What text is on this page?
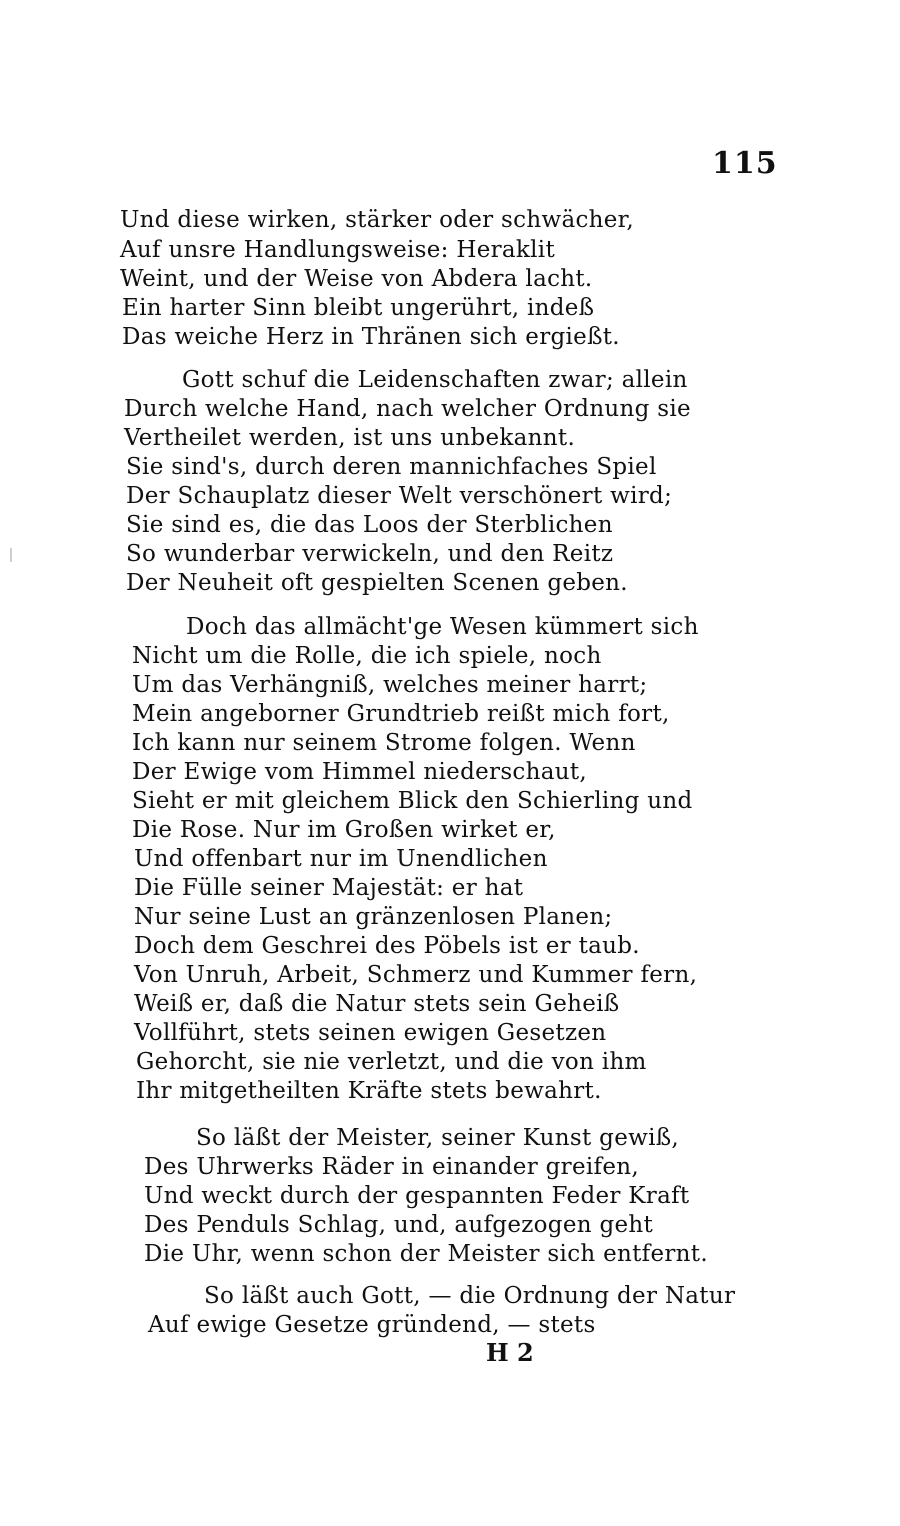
115
Und diese wirken, stärker oder schwächer,
Auf unsre Handlungsweise: Heraklit
Weint, und der Weise von Abdera lacht.
Ein harter Sinn bleibt ungerührt, indeß
Das weiche Herz in Thränen sich ergießt.
Gott schuf die Leidenschaften zwar; allein
Durch welche Hand, nach welcher Ordnung sie
Vertheilet werden, ist uns unbekannt.
Sie sind's, durch deren mannichfaches Spiel
Der Schauplatz dieser Welt verschönert wird;
Sie sind es, die das Loos der Sterblichen
So wunderbar verwickeln, und den Reitz
Der Neuheit oft gespielten Scenen geben.
Doch das allmächt'ge Wesen kümmert sich
Nicht um die Rolle, die ich spiele, noch
Um das Verhängniß, welches meiner harrt;
Mein angeborner Grundtrieb reißt mich fort,
Ich kann nur seinem Strome folgen. Wenn
Der Ewige vom Himmel niederschaut,
Sieht er mit gleichem Blick den Schierling und
Die Rose. Nur im Großen wirket er,
Und offenbart nur im Unendlichen
Die Fülle seiner Majestät: er hat
Nur seine Lust an gränzenlosen Planen;
Doch dem Geschrei des Pöbels ist er taub.
Von Unruh, Arbeit, Schmerz und Kummer fern,
Weiß er, daß die Natur stets sein Geheiß
Vollführt, stets seinen ewigen Gesetzen
Gehorcht, sie nie verletzt, und die von ihm
Ihr mitgetheilten Kräfte stets bewahrt.
So läßt der Meister, seiner Kunst gewiß,
Des Uhrwerks Räder in einander greifen,
Und weckt durch der gespannten Feder Kraft
Des Penduls Schlag, und, aufgezogen geht
Die Uhr, wenn schon der Meister sich entfernt.
So läßt auch Gott, — die Ordnung der Natur
Auf ewige Gesetze gründend, — stets
H 2
